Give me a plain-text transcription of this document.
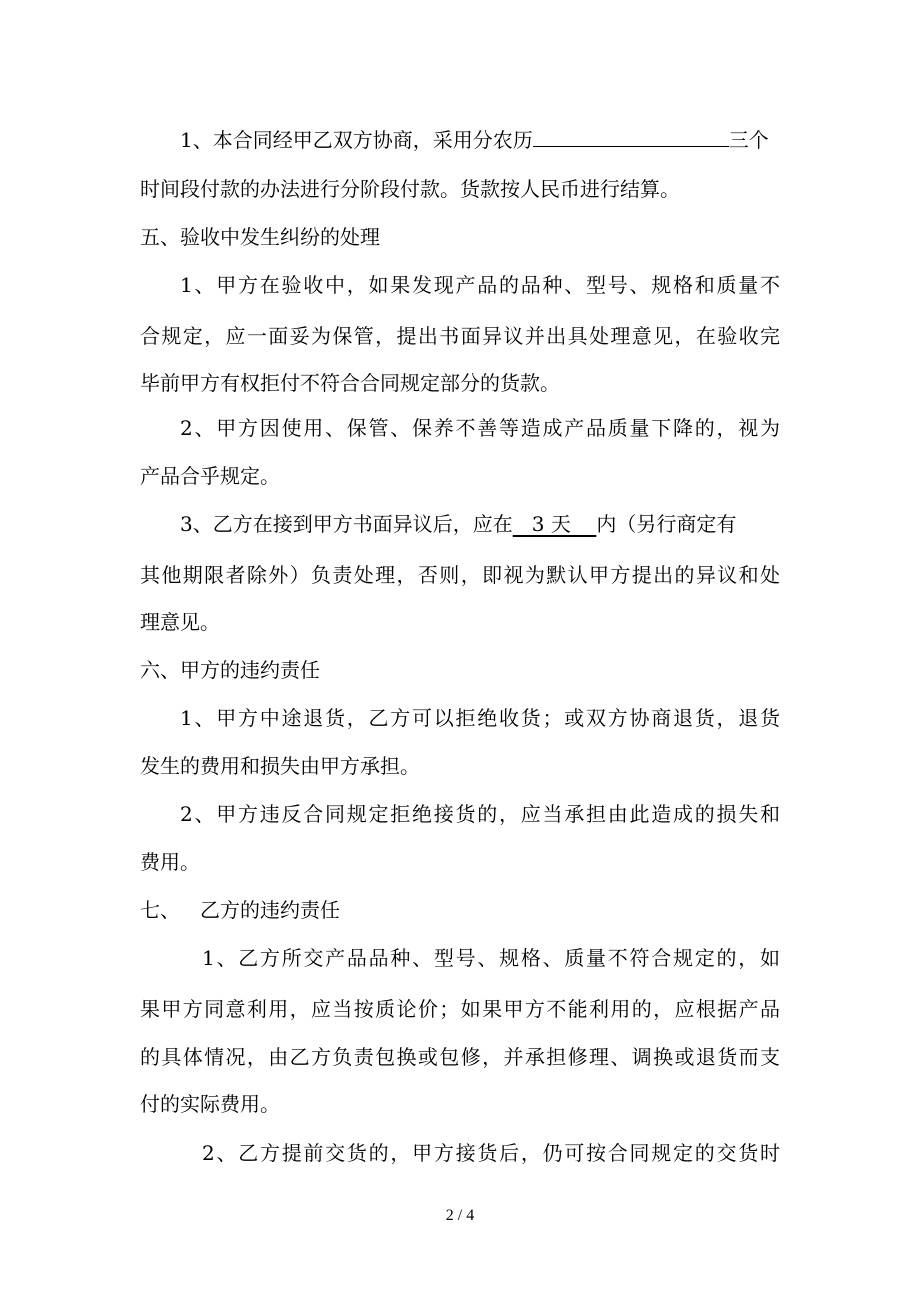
1、本合同经甲乙双方协商，采用分农历	三个
时间段付款的办法进行分阶段付款。货款按人民币进行结算。
五、验收中发生纠纷的处理
1、甲方在验收中，如果发现产品的品种、型号、规格和质量不
合规定，应一面妥为保管，提出书面异议并出具处理意见，在验收完
毕前甲方有权拒付不符合合同规定部分的货款。
2、甲方因使用、保管、保养不善等造成产品质量下降的，视为
产品合乎规定。
3、乙方在接到甲方书面异议后，应在   3 天    内（另行商定有
其他期限者除外）负责处理，否则，即视为默认甲方提出的异议和处
理意见。
六、甲方的违约责任
1、甲方中途退货，乙方可以拒绝收货；或双方协商退货，退货
发生的费用和损失由甲方承担。
2、甲方违反合同规定拒绝接货的，应当承担由此造成的损失和
费用。
七、 乙方的违约责任
1、乙方所交产品品种、型号、规格、质量不符合规定的，如
果甲方同意利用，应当按质论价；如果甲方不能利用的，应根据产品
的具体情况，由乙方负责包换或包修，并承担修理、调换或退货而支
付的实际费用。
2、乙方提前交货的，甲方接货后，仍可按合同规定的交货时
2 / 4
